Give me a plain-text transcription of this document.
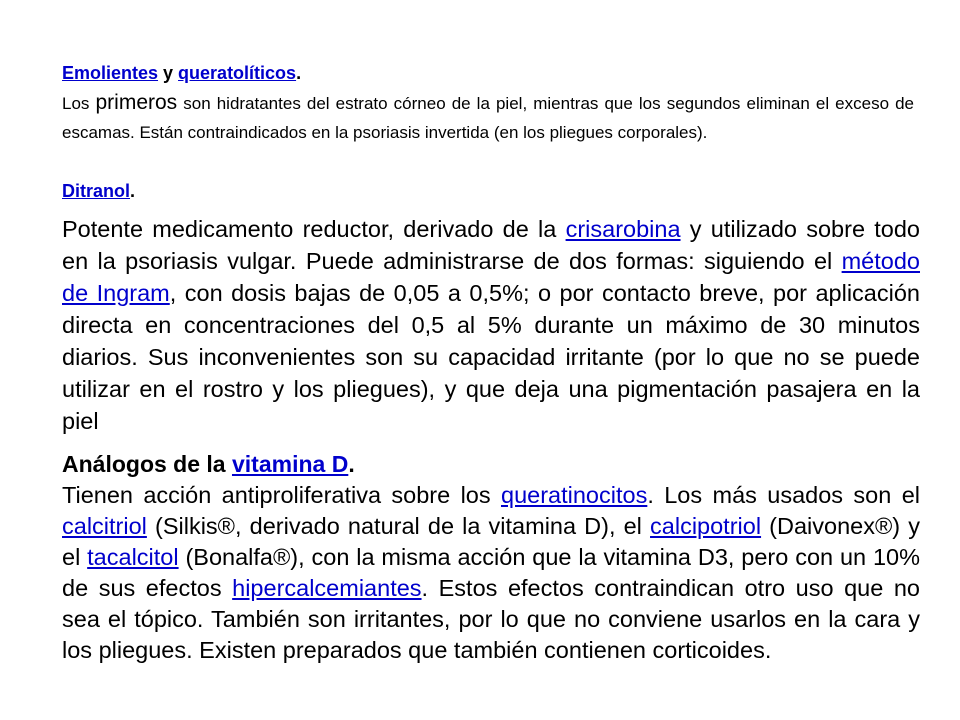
Emolientes y queratolíticos.

Los primeros son hidratantes del estrato córneo de la piel, mientras que los segundos eliminan el exceso de escamas. Están contraindicados en la psoriasis invertida (en los pliegues corporales).

Ditranol.

Potente medicamento reductor, derivado de la crisarobina y utilizado sobre todo en la psoriasis vulgar. Puede administrarse de dos formas: siguiendo el método de Ingram, con dosis bajas de 0,05 a 0,5%; o por contacto breve, por aplicación directa en concentraciones del 0,5 al 5% durante un máximo de 30 minutos diarios. Sus inconvenientes son su capacidad irritante (por lo que no se puede utilizar en el rostro y los pliegues), y que deja una pigmentación pasajera en la piel

Análogos de la vitamina D.

Tienen acción antiproliferativa sobre los queratinocitos. Los más usados son el calcitriol (Silkis®, derivado natural de la vitamina D), el calcipotriol (Daivonex®) y el tacalcitol (Bonalfa®), con la misma acción que la vitamina D3, pero con un 10% de sus efectos hipercalcemiantes. Estos efectos contraindican otro uso que no sea el tópico. También son irritantes, por lo que no conviene usarlos en la cara y los pliegues. Existen preparados que también contienen corticoides.
